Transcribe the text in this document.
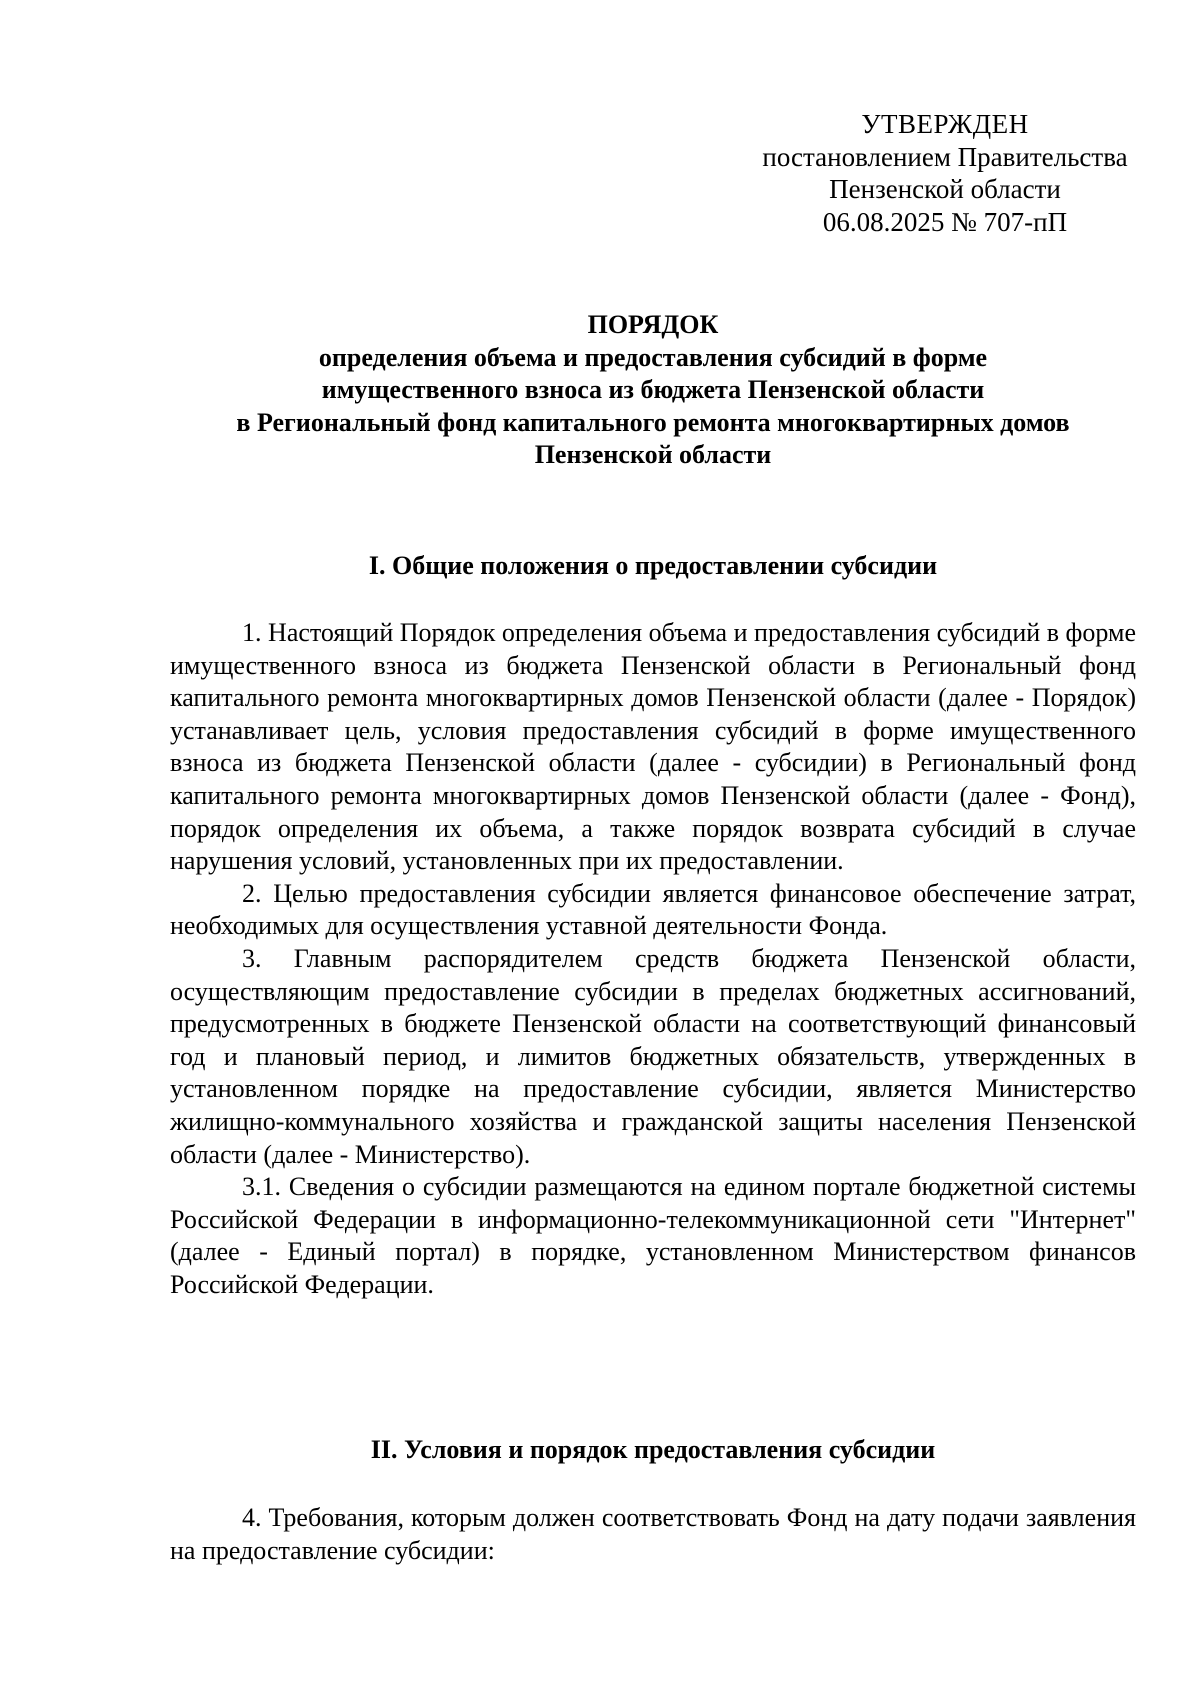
УТВЕРЖДЕН
постановлением Правительства
Пензенской области
06.08.2025 № 707-пП
ПОРЯДОК
определения объема и предоставления субсидий в форме
имущественного взноса из бюджета Пензенской области
в Региональный фонд капитального ремонта многоквартирных домов
Пензенской области
I. Общие положения о предоставлении субсидии

1. Настоящий Порядок определения объема и предоставления субсидий в форме имущественного взноса из бюджета Пензенской области в Региональный фонд капитального ремонта многоквартирных домов Пензенской области (далее - Порядок) устанавливает цель, условия предоставления субсидий в форме имущественного взноса из бюджета Пензенской области (далее - субсидии) в Региональный фонд капитального ремонта многоквартирных домов Пензенской области (далее - Фонд), порядок определения их объема, а также порядок возврата субсидий в случае нарушения условий, установленных при их предоставлении.

2. Целью предоставления субсидии является финансовое обеспечение затрат, необходимых для осуществления уставной деятельности Фонда.

3. Главным распорядителем средств бюджета Пензенской области, осуществляющим предоставление субсидии в пределах бюджетных ассигнований, предусмотренных в бюджете Пензенской области на соответствующий финансовый год и плановый период, и лимитов бюджетных обязательств, утвержденных в установленном порядке на предоставление субсидии, является Министерство жилищно-коммунального хозяйства и гражданской защиты населения Пензенской области (далее - Министерство).

3.1. Сведения о субсидии размещаются на едином портале бюджетной системы Российской Федерации в информационно-телекоммуникационной сети "Интернет" (далее - Единый портал) в порядке, установленном Министерством финансов Российской Федерации.

II. Условия и порядок предоставления субсидии

4. Требования, которым должен соответствовать Фонд на дату подачи заявления на предоставление субсидии:
